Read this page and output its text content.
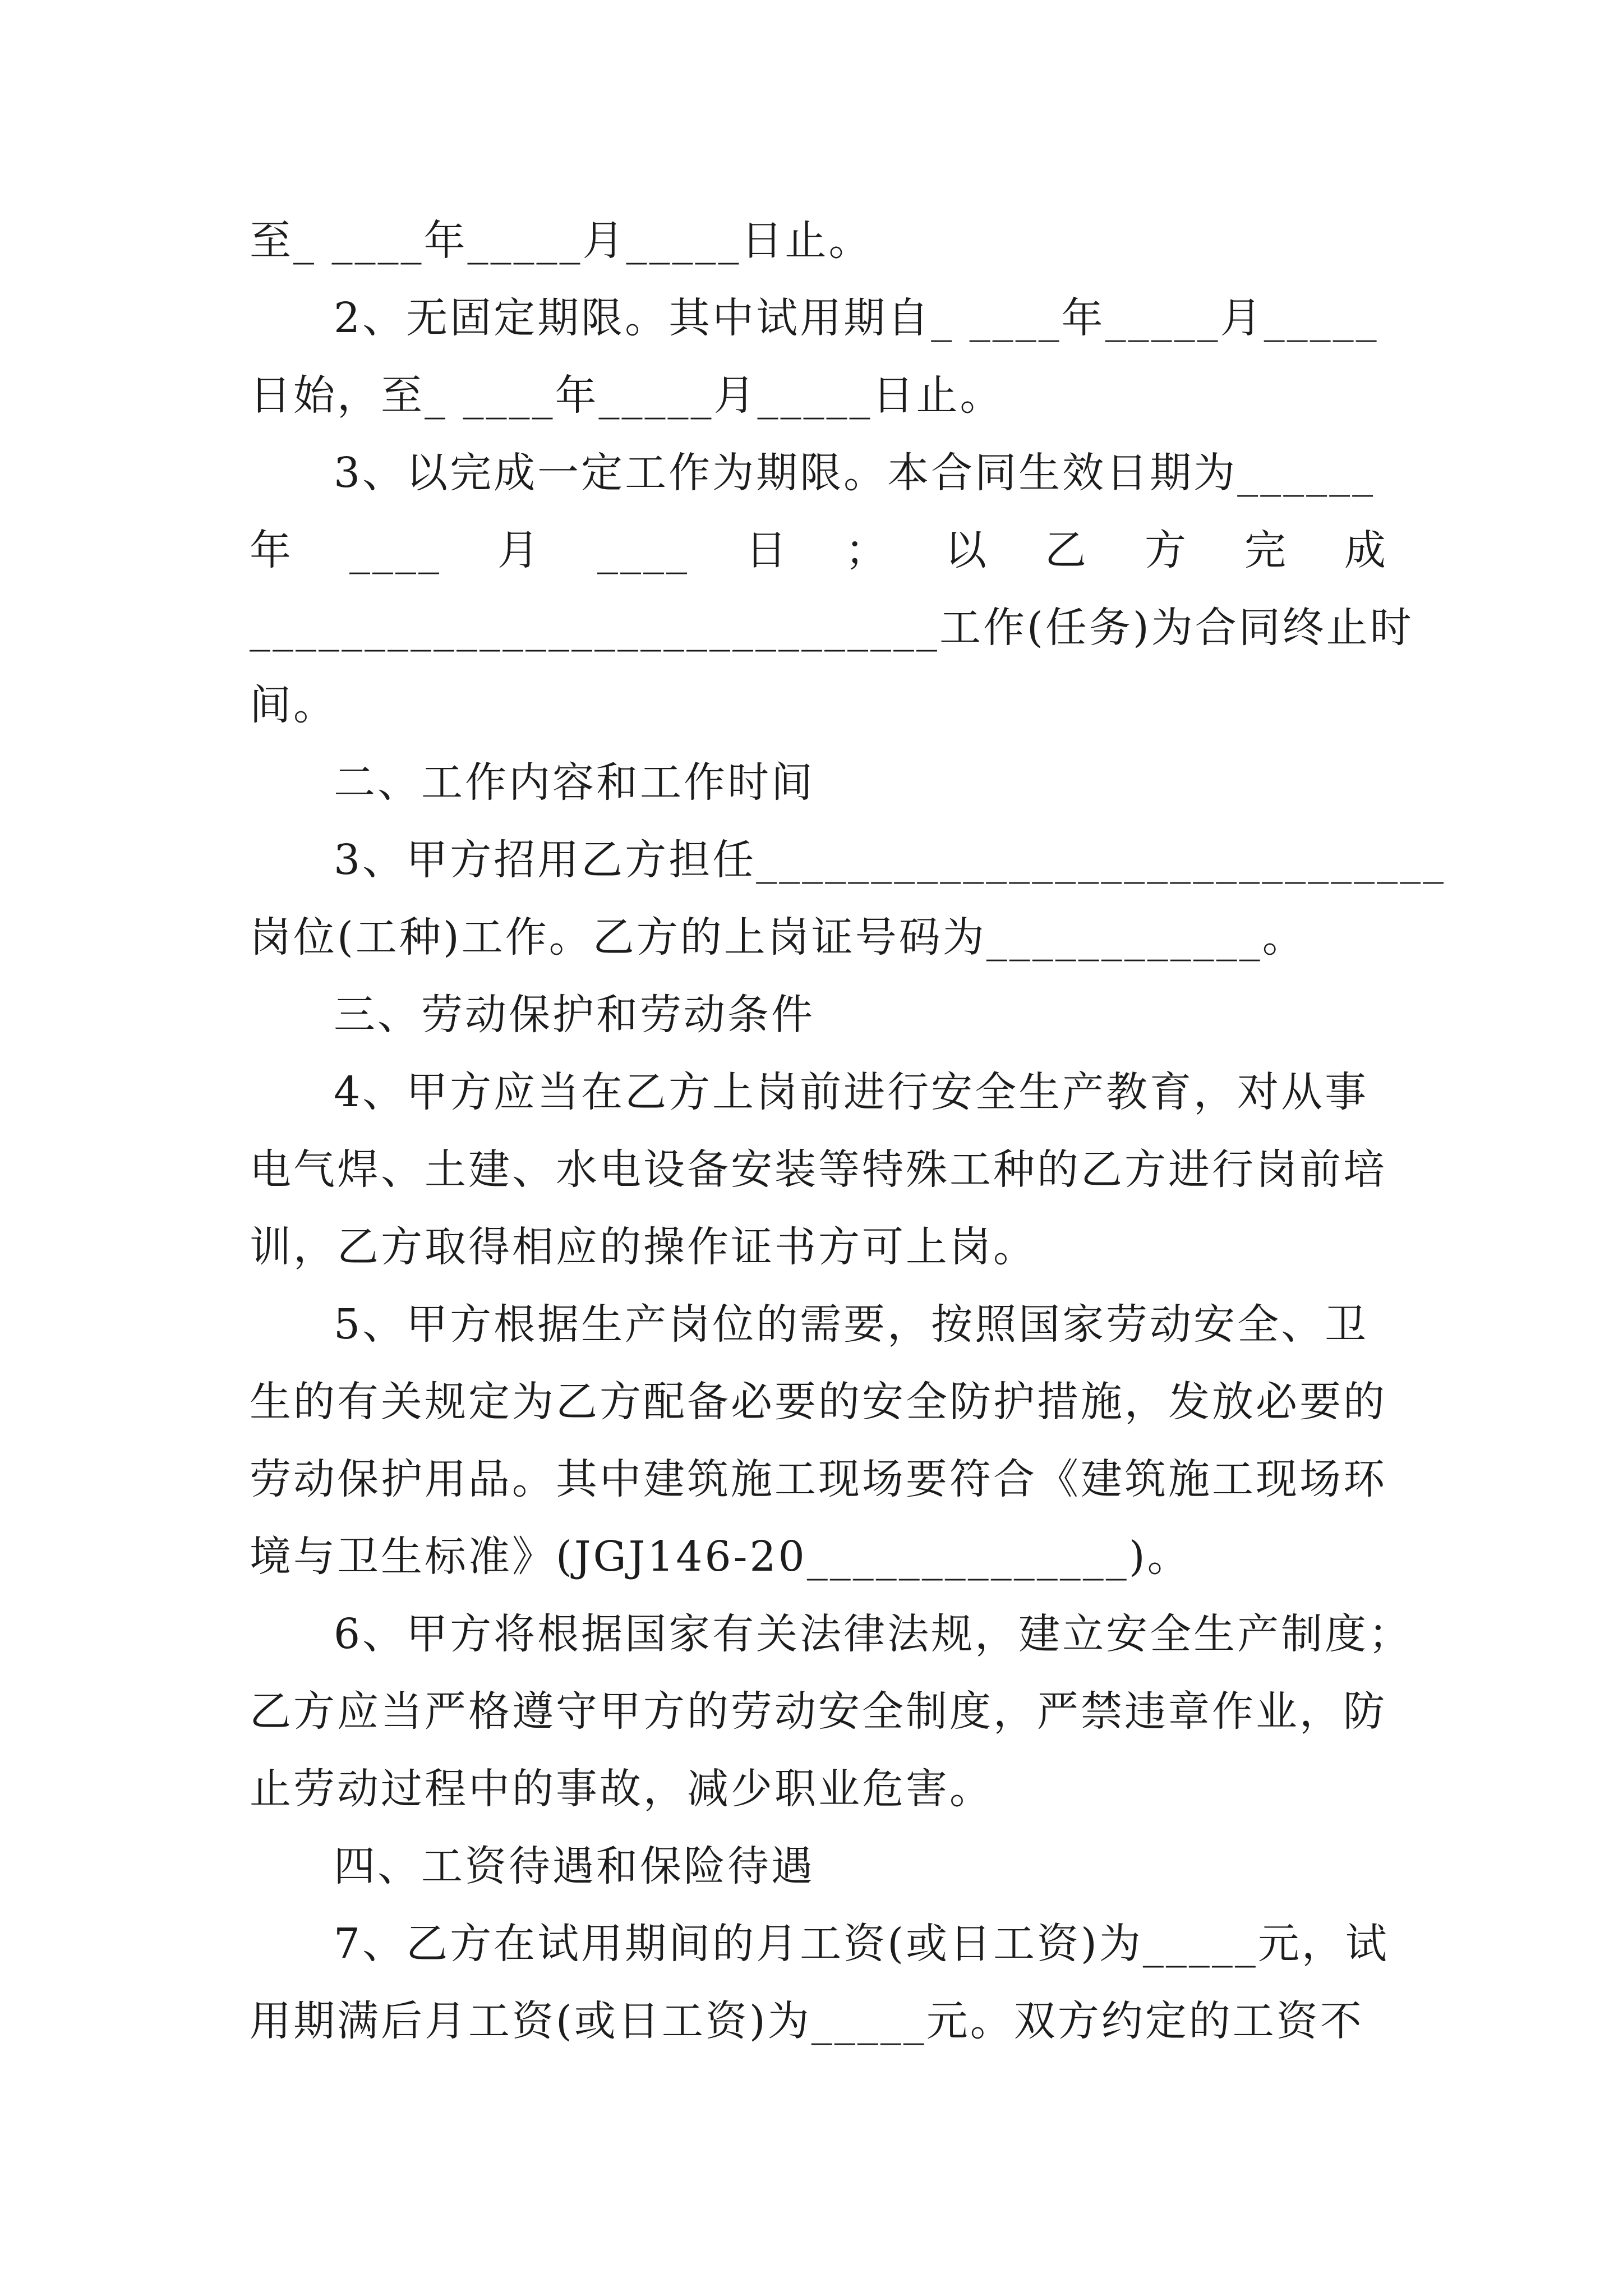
至_ ____年_____月_____日止。
2、无固定期限。其中试用期自_ ____年_____月_____
日始，至_ ____年_____月_____日止。
3、以完成一定工作为期限。本合同生效日期为______
年 ____ 月 ____ 日 ； 以 乙 方 完 成
______________________________工作(任务)为合同终止时
间。
二、工作内容和工作时间
3、甲方招用乙方担任______________________________
岗位(工种)工作。乙方的上岗证号码为____________。
三、劳动保护和劳动条件
4、甲方应当在乙方上岗前进行安全生产教育，对从事
电气焊、土建、水电设备安装等特殊工种的乙方进行岗前培
训，乙方取得相应的操作证书方可上岗。
5、甲方根据生产岗位的需要，按照国家劳动安全、卫
生的有关规定为乙方配备必要的安全防护措施，发放必要的
劳动保护用品。其中建筑施工现场要符合《建筑施工现场环
境与卫生标准》(JGJ146-20______________)。
6、甲方将根据国家有关法律法规，建立安全生产制度；
乙方应当严格遵守甲方的劳动安全制度，严禁违章作业，防
止劳动过程中的事故，减少职业危害。
四、工资待遇和保险待遇
7、乙方在试用期间的月工资(或日工资)为_____元，试
用期满后月工资(或日工资)为_____元。双方约定的工资不
